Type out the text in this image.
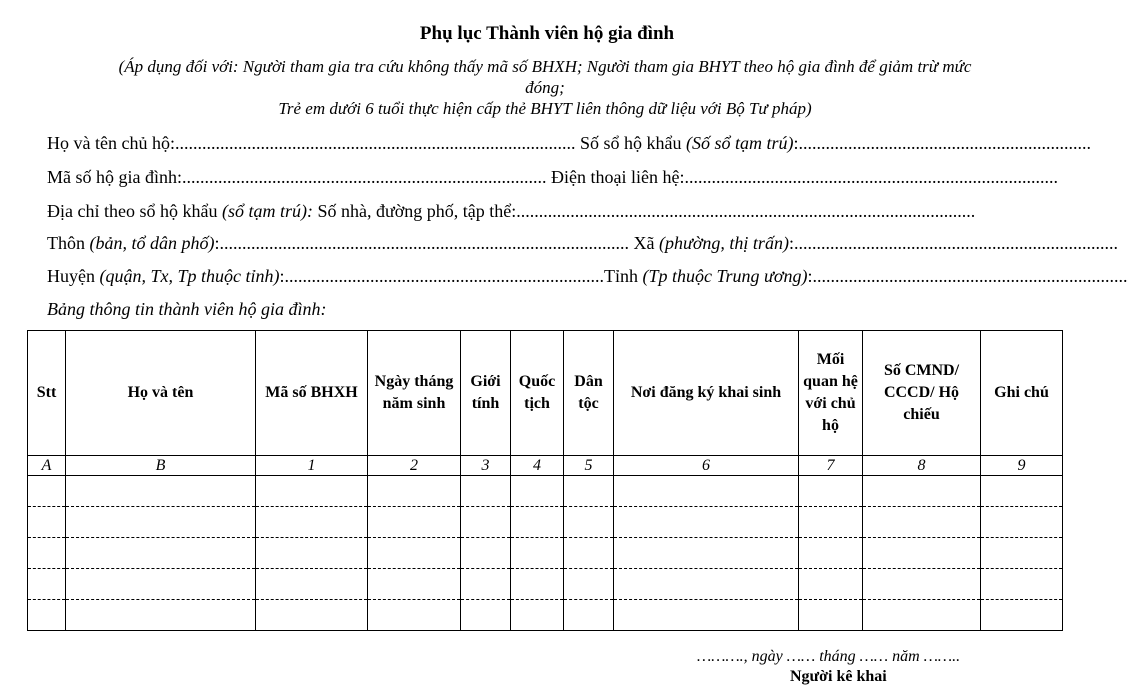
Phụ lục Thành viên hộ gia đình
(Áp dụng đối với: Người tham gia tra cứu không thấy mã số BHXH; Người tham gia BHYT theo hộ gia đình để giảm trừ mức
đóng;
Trẻ em dưới 6 tuổi thực hiện cấp thẻ BHYT liên thông dữ liệu với Bộ Tư pháp)
Họ và tên chủ hộ:......................................................................................... Số sổ hộ khẩu (Số sổ tạm trú):.................................................................
Mã số hộ gia đình:................................................................................. Điện thoại liên hệ:...................................................................................
Địa chỉ theo sổ hộ khẩu (sổ tạm trú): Số nhà, đường phố, tập thể:......................................................................................................
Thôn (bản, tổ dân phố):........................................................................................... Xã (phường, thị trấn):........................................................................
Huyện (quận, Tx, Tp thuộc tỉnh):.......................................................................Tỉnh (Tp thuộc Trung ương):......................................................................
Bảng thông tin thành viên hộ gia đình:
Stt	Họ và tên	Mã số BHXH	Ngày tháng năm sinh	Giới tính	Quốc tịch	Dân tộc	Nơi đăng ký khai sinh	Mối quan hệ với chủ hộ	Số CMND/ CCCD/ Hộ chiếu	Ghi chú
A	B	1	2	3	4	5	6	7	8	9

………., ngày …… tháng …… năm ……..
Người kê khai
